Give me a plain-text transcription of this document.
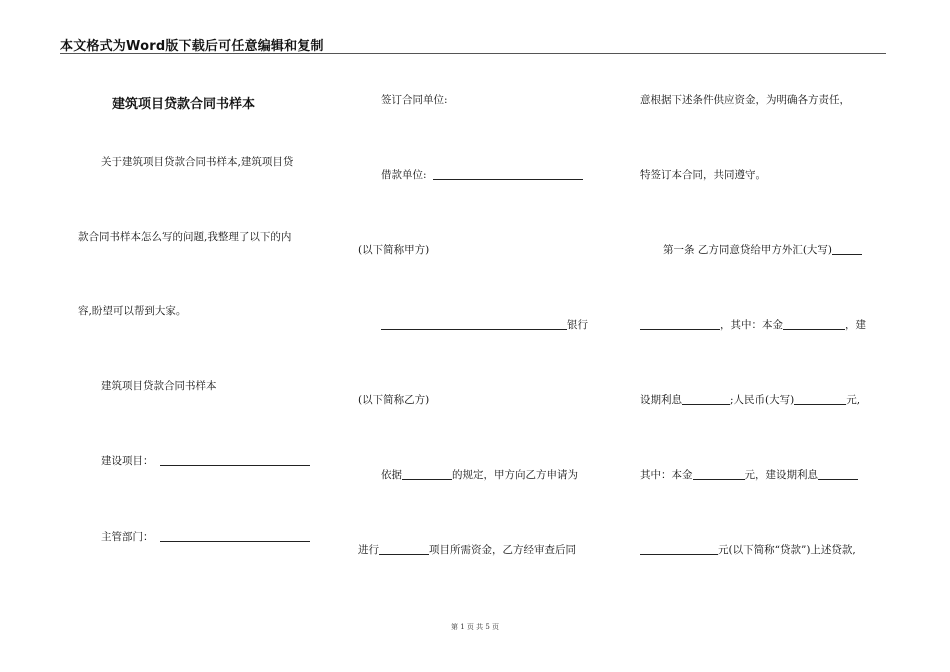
本文格式为Word版下载后可任意编辑和复制
建筑项目贷款合同书样本
关于建筑项目贷款合同书样本,建筑项目贷
款合同书样本怎么写的问题,我整理了以下的内
容,盼望可以帮到大家。
建筑项目贷款合同书样本
建设项目：
主管部门：
签订合同单位:
借款单位:
(以下简称甲方)
银行
(以下简称乙方)
依据	的规定，甲方向乙方申请为
进行	项目所需资金，乙方经审查后同
意根据下述条件供应资金，为明确各方责任，
特签订本合同，共同遵守。
第一条 乙方同意贷给甲方外汇(大写)
，其中：本金	，建
设期利息	;人民币(大写)	元,
其中：本金	元，建设期利息
元(以下简称“贷款”)上述贷款,
第 1 页 共 5 页
